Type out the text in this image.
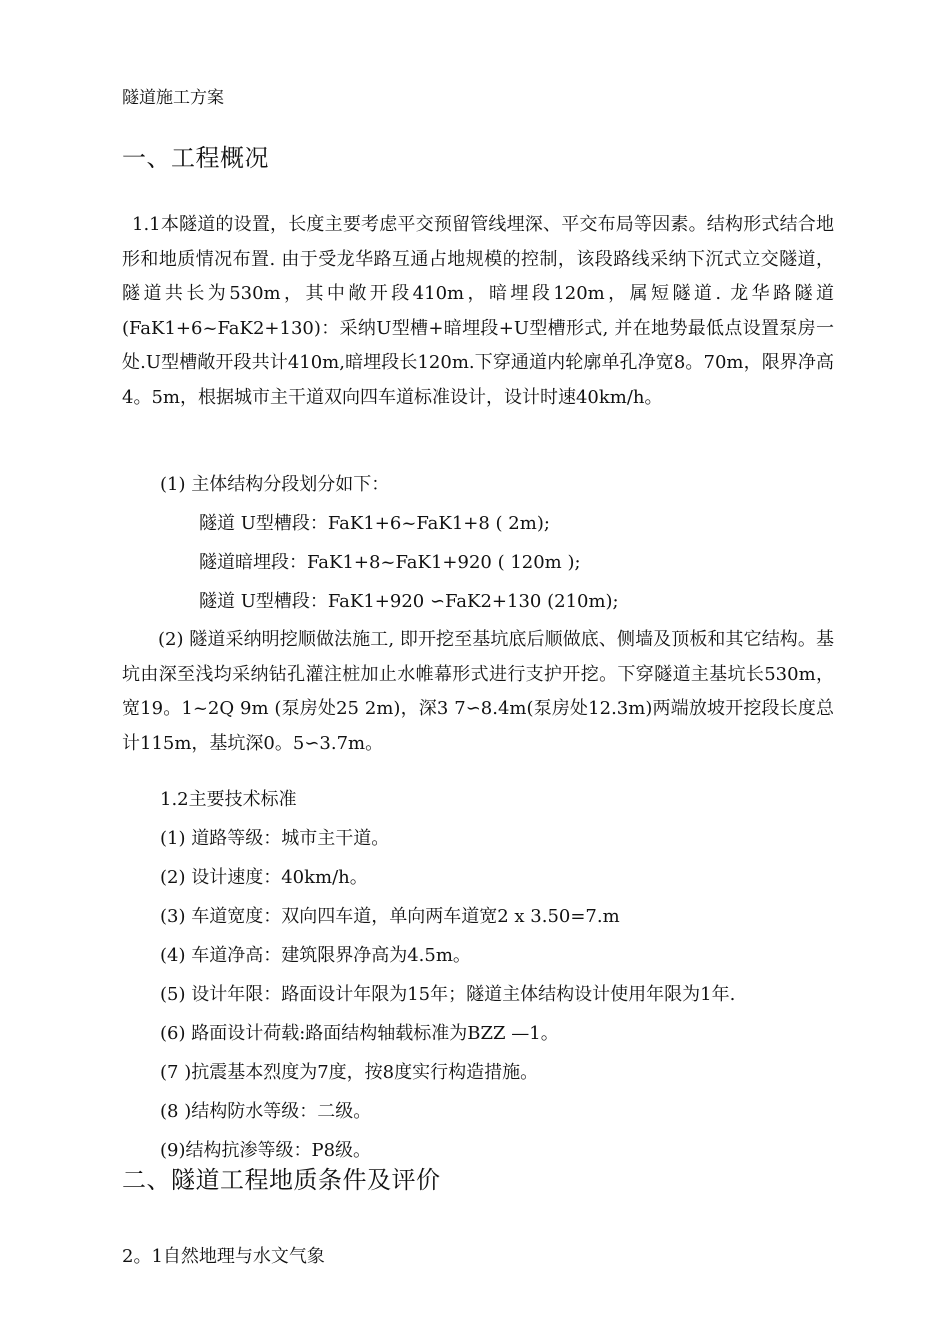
隧道施工方案
一、工程概况
1.1本隧道的设置，长度主要考虑平交预留管线埋深、平交布局等因素。结构形式结合地形和地质情况布置. 由于受龙华路互通占地规模的控制，该段路线采纳下沉式立交隧道，隧道共长为530m，其中敞开段410m，暗埋段120m，属短隧道. 龙华路隧道(FaK1+6~FaK2+130)：采纳U型槽+暗埋段+U型槽形式, 并在地势最低点设置泵房一处.U型槽敞开段共计410m,暗埋段长120m.下穿通道内轮廓单孔净宽8。70m，限界净高4。5m，根据城市主干道双向四车道标准设计，设计时速40km/h。
(1) 主体结构分段划分如下：
隧道 U型槽段：FaK1+6~FaK1+8 ( 2m);
隧道暗埋段：FaK1+8~FaK1+920 ( 120m );
隧道 U型槽段：FaK1+920 ∽FaK2+130 (210m);
(2) 隧道采纳明挖顺做法施工, 即开挖至基坑底后顺做底、侧墙及顶板和其它结构。基坑由深至浅均采纳钻孔灌注桩加止水帷幕形式进行支护开挖。下穿隧道主基坑长530m，宽19。1~2Q 9m (泵房处25 2m)，深3 7∽8.4m(泵房处12.3m)两端放坡开挖段长度总计115m，基坑深0。5∽3.7m。
1.2主要技术标准
(1) 道路等级：城市主干道。
(2) 设计速度：40km/h。
(3) 车道宽度：双向四车道，单向两车道宽2 x 3.50=7.m
(4) 车道净高：建筑限界净高为4.5m。
(5) 设计年限：路面设计年限为15年；隧道主体结构设计使用年限为1年.
(6) 路面设计荷载:路面结构轴载标准为BZZ —1。
(7 )抗震基本烈度为7度，按8度实行构造措施。
(8 )结构防水等级：二级。
(9)结构抗渗等级：P8级。
二、隧道工程地质条件及评价
2。1自然地理与水文气象
